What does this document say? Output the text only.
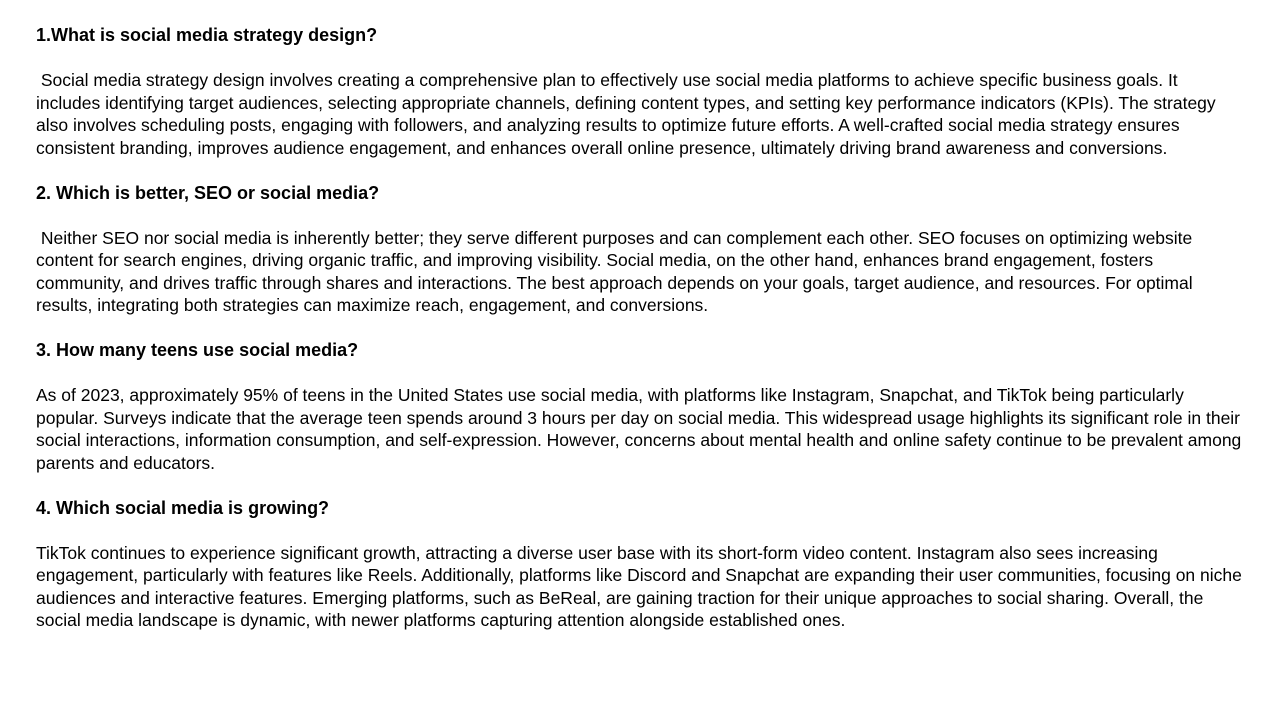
1.What is social media strategy design?

Social media strategy design involves creating a comprehensive plan to effectively use social media platforms to achieve specific business goals. It includes identifying target audiences, selecting appropriate channels, defining content types, and setting key performance indicators (KPIs). The strategy also involves scheduling posts, engaging with followers, and analyzing results to optimize future efforts. A well-crafted social media strategy ensures consistent branding, improves audience engagement, and enhances overall online presence, ultimately driving brand awareness and conversions.

2. Which is better, SEO or social media?

Neither SEO nor social media is inherently better; they serve different purposes and can complement each other. SEO focuses on optimizing website content for search engines, driving organic traffic, and improving visibility. Social media, on the other hand, enhances brand engagement, fosters community, and drives traffic through shares and interactions. The best approach depends on your goals, target audience, and resources. For optimal results, integrating both strategies can maximize reach, engagement, and conversions.

3. How many teens use social media?

As of 2023, approximately 95% of teens in the United States use social media, with platforms like Instagram, Snapchat, and TikTok being particularly popular. Surveys indicate that the average teen spends around 3 hours per day on social media. This widespread usage highlights its significant role in their social interactions, information consumption, and self-expression. However, concerns about mental health and online safety continue to be prevalent among parents and educators.

4. Which social media is growing?

TikTok continues to experience significant growth, attracting a diverse user base with its short-form video content. Instagram also sees increasing engagement, particularly with features like Reels. Additionally, platforms like Discord and Snapchat are expanding their user communities, focusing on niche audiences and interactive features. Emerging platforms, such as BeReal, are gaining traction for their unique approaches to social sharing. Overall, the social media landscape is dynamic, with newer platforms capturing attention alongside established ones.
